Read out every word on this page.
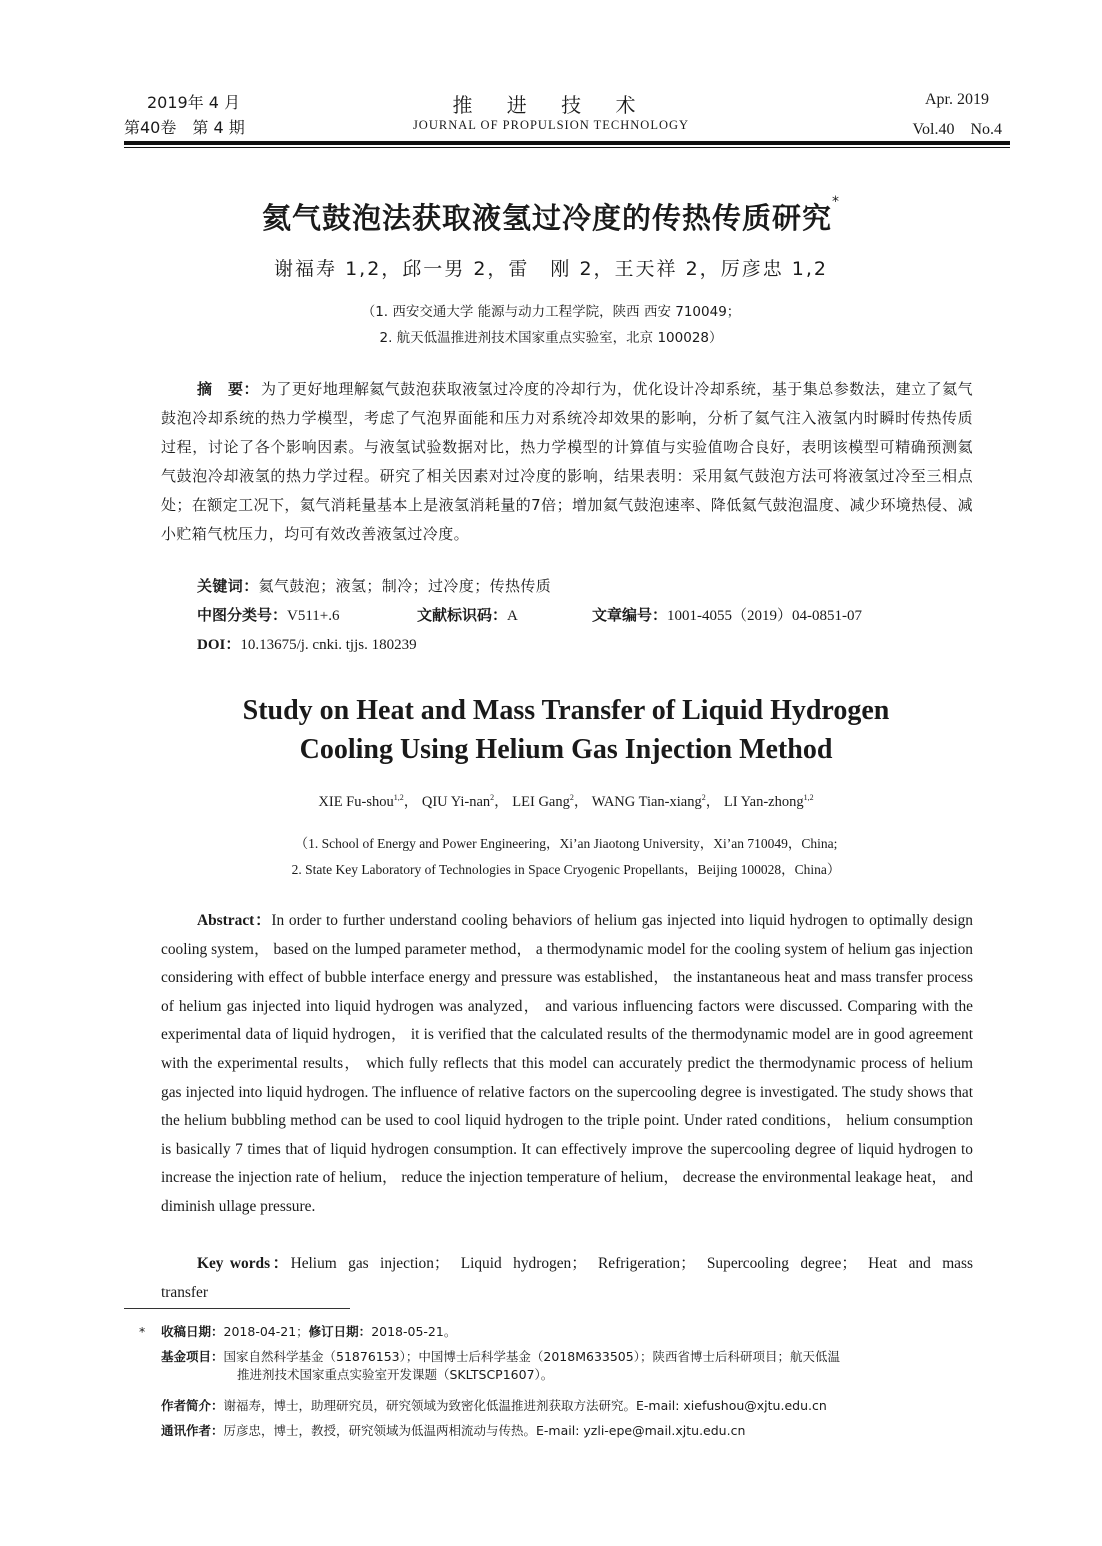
2019年 4 月
第40卷　第 4 期
推 进 技 术
JOURNAL OF PROPULSION TECHNOLOGY
Apr. 2019
Vol.40　No.4
氦气鼓泡法获取液氢过冷度的传热传质研究*
谢福寿 1,2，邱一男 2，雷　刚 2，王天祥 2，厉彦忠 1,2
（1. 西安交通大学 能源与动力工程学院，陕西 西安 710049；
2. 航天低温推进剂技术国家重点实验室，北京 100028）
摘　要： 为了更好地理解氦气鼓泡获取液氢过冷度的冷却行为，优化设计冷却系统，基于集总参数法，建立了氦气鼓泡冷却系统的热力学模型，考虑了气泡界面能和压力对系统冷却效果的影响，分析了氦气注入液氢内时瞬时传热传质过程，讨论了各个影响因素。与液氢试验数据对比，热力学模型的计算值与实验值吻合良好，表明该模型可精确预测氦气鼓泡冷却液氢的热力学过程。研究了相关因素对过冷度的影响，结果表明：采用氦气鼓泡方法可将液氢过冷至三相点处；在额定工况下，氦气消耗量基本上是液氢消耗量的7倍；增加氦气鼓泡速率、降低氦气鼓泡温度、减少环境热侵、减小贮箱气枕压力，均可有效改善液氢过冷度。
关键词：氦气鼓泡；液氢；制冷；过冷度；传热传质
中图分类号：V511+.6	文献标识码：A	文章编号：1001-4055（2019）04-0851-07
DOI：10.13675/j. cnki. tjjs. 180239
Study on Heat and Mass Transfer of Liquid Hydrogen
Cooling Using Helium Gas Injection Method
XIE Fu-shou$^{1,2}$， QIU Yi-nan$^2$， LEI Gang$^2$， WANG Tian-xiang$^2$， LI Yan-zhong$^{1,2}$
（1. School of Energy and Power Engineering，Xi’an Jiaotong University，Xi’an 710049，China;
2. State Key Laboratory of Technologies in Space Cryogenic Propellants，Beijing 100028，China）
Abstract：In order to further understand cooling behaviors of helium gas injected into liquid hydrogen to optimally design cooling system， based on the lumped parameter method， a thermodynamic model for the cooling system of helium gas injection considering with effect of bubble interface energy and pressure was established， the instantaneous heat and mass transfer process of helium gas injected into liquid hydrogen was analyzed， and various influencing factors were discussed. Comparing with the experimental data of liquid hydrogen， it is verified that the calculated results of the thermodynamic model are in good agreement with the experimental results， which fully reflects that this model can accurately predict the thermodynamic process of helium gas injected into liquid hydrogen. The influence of relative factors on the supercooling degree is investigated. The study shows that the helium bubbling method can be used to cool liquid hydrogen to the triple point. Under rated conditions， helium consumption is basically 7 times that of liquid hydrogen consumption. It can effectively improve the supercooling degree of liquid hydrogen to increase the injection rate of helium， reduce the injection temperature of helium， decrease the environmental leakage heat， and diminish ullage pressure.
Key words：Helium gas injection； Liquid hydrogen； Refrigeration； Supercooling degree； Heat and mass transfer
* 收稿日期：2018-04-21；修订日期：2018-05-21。
基金项目：国家自然科学基金（51876153）；中国博士后科学基金（2018M633505）；陕西省博士后科研项目；航天低温
推进剂技术国家重点实验室开发课题（SKLTSCP1607）。
作者简介：谢福寿，博士，助理研究员，研究领域为致密化低温推进剂获取方法研究。E-mail: xiefushou@xjtu.edu.cn
通讯作者：厉彦忠，博士，教授，研究领域为低温两相流动与传热。E-mail: yzli-epe@mail.xjtu.edu.cn
